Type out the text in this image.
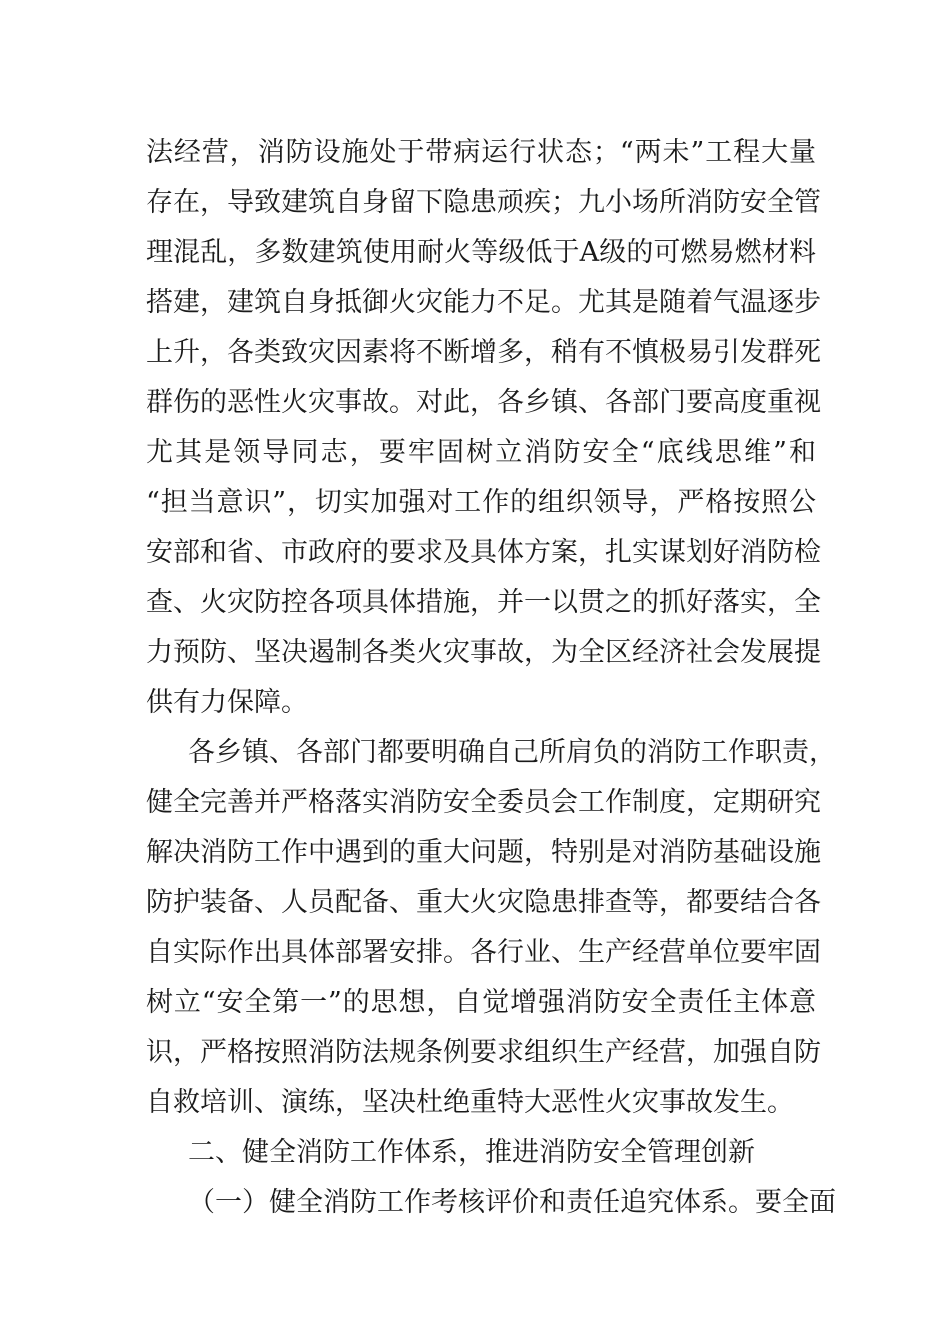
法经营，消防设施处于带病运行状态；“两未”工程大量
存在，导致建筑自身留下隐患顽疾；九小场所消防安全管
理混乱，多数建筑使用耐火等级低于A级的可燃易燃材料
搭建，建筑自身抵御火灾能力不足。尤其是随着气温逐步
上升，各类致灾因素将不断增多，稍有不慎极易引发群死
群伤的恶性火灾事故。对此，各乡镇、各部门要高度重视
尤其是领导同志，要牢固树立消防安全“底线思维”和
“担当意识”，切实加强对工作的组织领导，严格按照公
安部和省、市政府的要求及具体方案，扎实谋划好消防检
查、火灾防控各项具体措施，并一以贯之的抓好落实，全
力预防、坚决遏制各类火灾事故，为全区经济社会发展提
供有力保障。
各乡镇、各部门都要明确自己所肩负的消防工作职责，
健全完善并严格落实消防安全委员会工作制度，定期研究
解决消防工作中遇到的重大问题，特别是对消防基础设施
防护装备、人员配备、重大火灾隐患排查等，都要结合各
自实际作出具体部署安排。各行业、生产经营单位要牢固
树立“安全第一”的思想，自觉增强消防安全责任主体意
识，严格按照消防法规条例要求组织生产经营，加强自防
自救培训、演练，坚决杜绝重特大恶性火灾事故发生。
二、健全消防工作体系，推进消防安全管理创新
（一）健全消防工作考核评价和责任追究体系。要全面
